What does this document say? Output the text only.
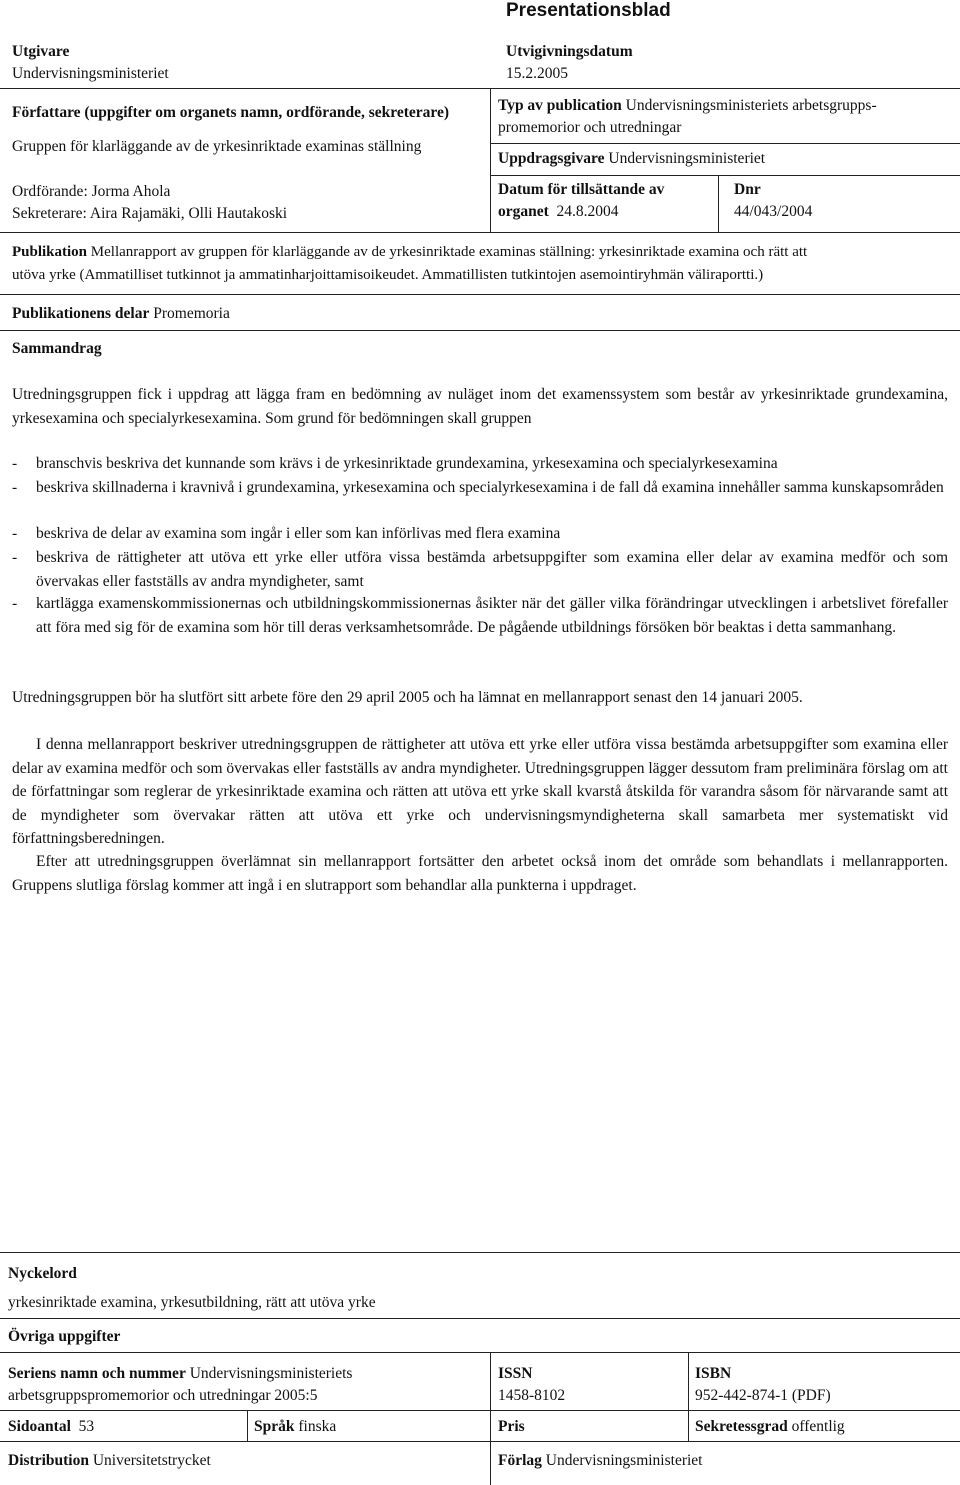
Presentationsblad
Utgivare
Undervisningsministeriet
Utvigivningsdatum
15.2.2005
Författare (uppgifter om organets namn, ordförande, sekreterare)
Gruppen för klarläggande av de yrkesinriktade examinas ställning
Ordförande: Jorma Ahola
Sekreterare: Aira Rajamäki, Olli Hautakoski
Typ av publication Undervisningsministeriets arbetsgrupps-
promemorior och utredningar
Uppdragsgivare Undervisningsministeriet
Datum för tillsättande av
organet 24.8.2004
Dnr
44/043/2004
Publikation Mellanrapport av gruppen för klarläggande av de yrkesinriktade examinas ställning: yrkesinriktade examina och rätt att
utöva yrke (Ammatilliset tutkinnot ja ammatinharjoittamisoikeudet. Ammatillisten tutkintojen asemointiryhmän väliraportti.)
Publikationens delar Promemoria
Sammandrag
Utredningsgruppen fick i uppdrag att lägga fram en bedömning av nuläget inom det examenssystem som består av yrkesinriktade grundexamina, yrkesexamina och specialyrkesexamina. Som grund för bedömningen skall gruppen
- branschvis beskriva det kunnande som krävs i de yrkesinriktade grundexamina, yrkesexamina och specialyrkesexamina
- beskriva skillnaderna i kravnivå i grundexamina, yrkesexamina och specialyrkesexamina i de fall då examina innehåller samma kunskapsområden
- beskriva de delar av examina som ingår i eller som kan införlivas med flera examina
- beskriva de rättigheter att utöva ett yrke eller utföra vissa bestämda arbetsuppgifter som examina eller delar av examina medför och som övervakas eller fastställs av andra myndigheter, samt
- kartlägga examenskommissionernas och utbildningskommissionernas åsikter när det gäller vilka förändringar utvecklingen i arbetslivet förefaller att föra med sig för de examina som hör till deras verksamhetsområde. De pågående utbildnings försöken bör beaktas i detta sammanhang.
Utredningsgruppen bör ha slutfört sitt arbete före den 29 april 2005 och ha lämnat en mellanrapport senast den 14 januari 2005.
I denna mellanrapport beskriver utredningsgruppen de rättigheter att utöva ett yrke eller utföra vissa bestämda arbetsuppgifter som examina eller delar av examina medför och som övervakas eller fastställs av andra myndigheter. Utredningsgruppen lägger dessutom fram preliminära förslag om att de författningar som reglerar de yrkesinriktade examina och rätten att utöva ett yrke skall kvarstå åtskilda för varandra såsom för närvarande samt att de myndigheter som övervakar rätten att utöva ett yrke och undervisningsmyndigheterna skall samarbeta mer systematiskt vid författningsberedningen.
Efter att utredningsgruppen överlämnat sin mellanrapport fortsätter den arbetet också inom det område som behandlats i mellanrapporten. Gruppens slutliga förslag kommer att ingå i en slutrapport som behandlar alla punkterna i uppdraget.
Nyckelord
yrkesinriktade examina, yrkesutbildning, rätt att utöva yrke
Övriga uppgifter
Seriens namn och nummer Undervisningsministeriets
arbetsgruppspromemorior och utredningar 2005:5
ISSN
1458-8102
ISBN
952-442-874-1 (PDF)
Sidoantal 53	Språk finska	Pris	Sekretessgrad offentlig
Distribution Universitetstrycket	Förlag Undervisningsministeriet
